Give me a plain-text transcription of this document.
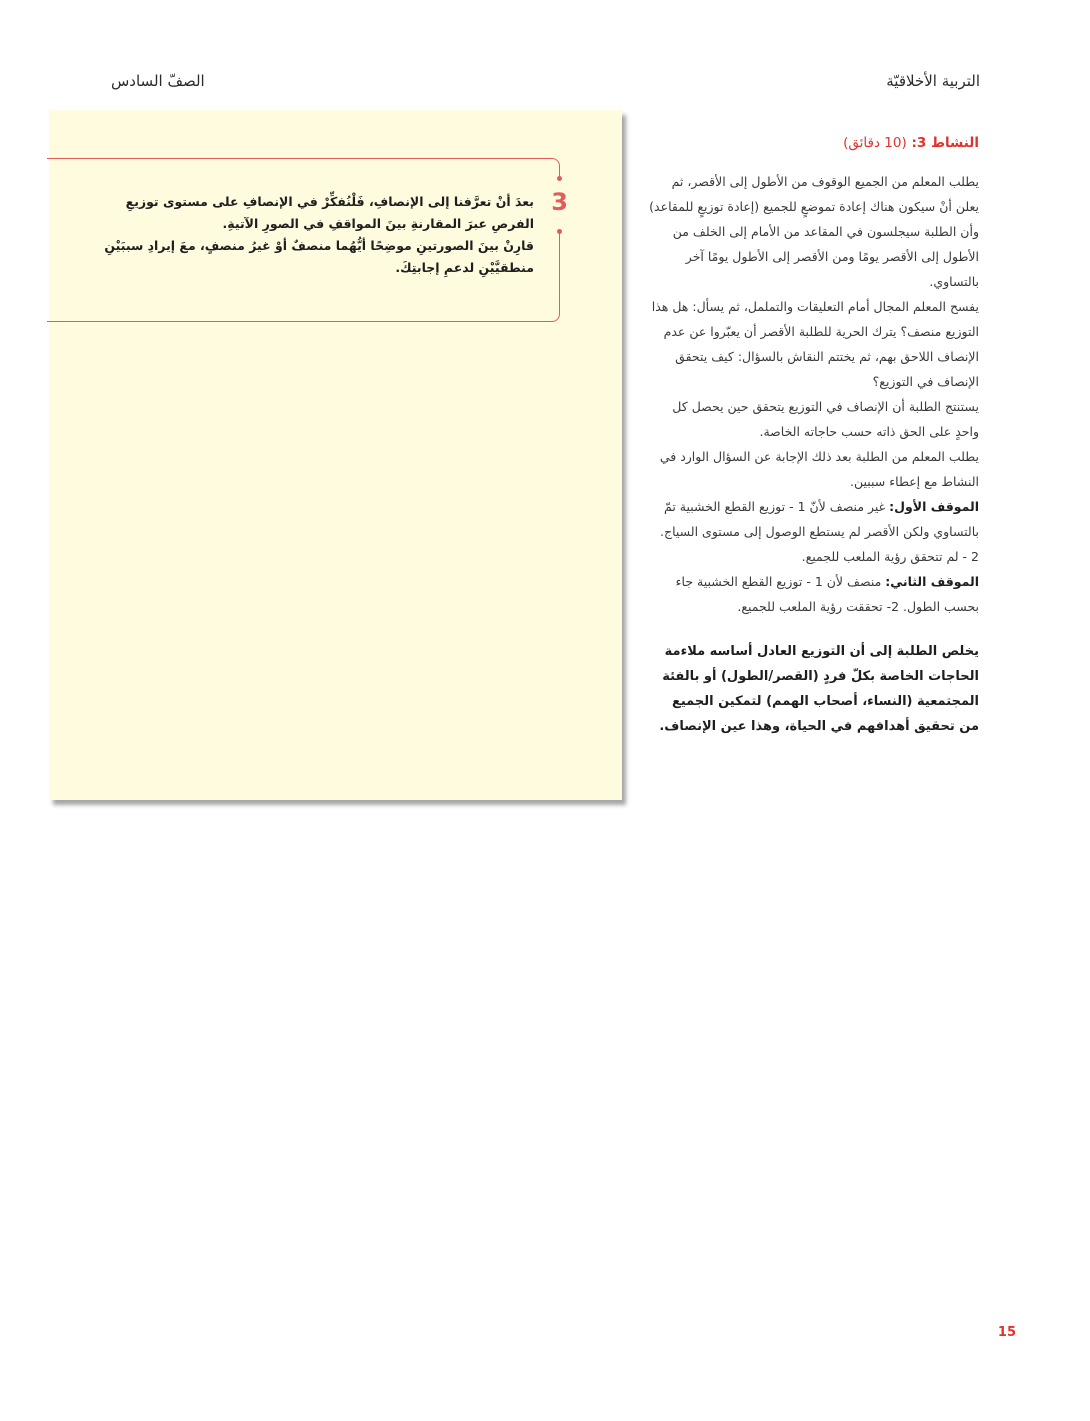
التربية الأخلاقيّة
الصفّ السادس

النشاط 3: (10 دقائق)

يطلب المعلم من الجميع الوقوف من الأطول إلى الأقصر، ثم يعلن أنْ سيكون هناك إعادة تموضعٍ للجميع (إعادة توزيعٍ للمقاعد) وأن الطلبة سيجلسون في المقاعد من الأمام إلى الخلف من الأطول إلى الأقصر يومًا ومن الأقصر إلى الأطول يومًا آخر بالتساوي.

يفسح المعلم المجال أمام التعليقات والتململ، ثم يسأل: هل هذا التوزيع منصف؟ يترك الحرية للطلبة الأقصر أن يعبّروا عن عدم الإنصاف اللاحق بهم، ثم يختتم النقاش بالسؤال: كيف يتحقق الإنصاف في التوزيع؟

يستنتج الطلبة أن الإنصاف في التوزيع يتحقق حين يحصل كل واحدٍ على الحق ذاته حسب حاجاته الخاصة.

يطلب المعلم من الطلبة بعد ذلك الإجابة عن السؤال الوارد في النشاط مع إعطاء سببين.

الموقف الأول: غير منصف لأنّ 1 - توزيع القطع الخشبية تمّ بالتساوي ولكن الأقصر لم يستطع الوصول إلى مستوى السياج. 2 - لم تتحقق رؤية الملعب للجميع.

الموقف الثاني: منصف لأن 1 - توزيع القطع الخشبية جاء بحسب الطول. 2- تحققت رؤية الملعب للجميع.

يخلص الطلبة إلى أن التوزيع العادل أساسه ملاءمة الحاجات الخاصة بكلّ فردٍ (القصر/الطول) أو بالفئة المجتمعية (النساء، أصحاب الهمم) لتمكين الجميع من تحقيق أهدافهم في الحياة، وهذا عين الإنصاف.

3

بعدَ أنْ تعرَّفنا إلى الإنصافِ، فَلْنُفكِّرْ في الإنصافِ على مستوى توزيعِ الفرصِ عبرَ المقارنةِ بينَ المواقفِ في الصورِ الآتيةِ.

قارِنْ بينَ الصورتينِ موضِحًا أيُّهُما منصفٌ أوْ غيرُ منصفٍ، معَ إيرادِ سببَيْنِ منطقيَّيْنِ لدعمِ إجابتِكَ.

15
